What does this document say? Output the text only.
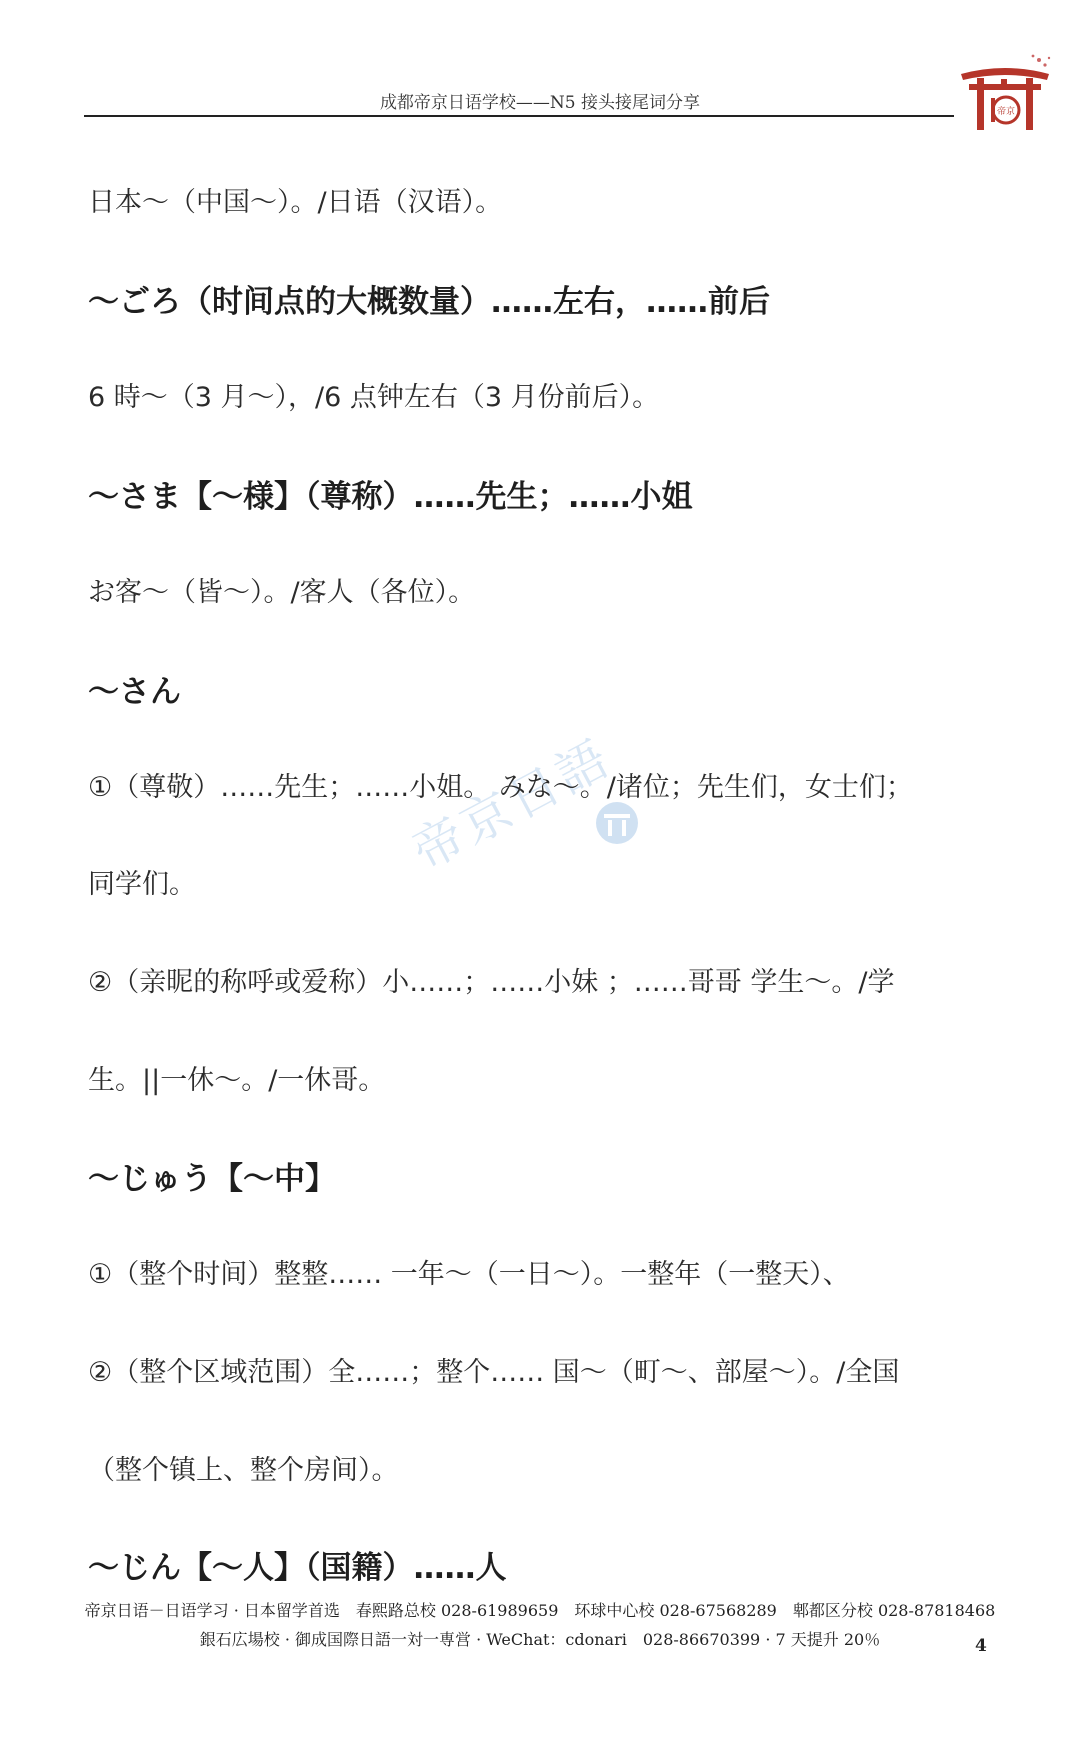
成都帝京日语学校——N5 接头接尾词分享	帝京
帝京日語
日本～（中国～）。/日语（汉语）。
～ごろ（时间点的大概数量）……左右，……前后
6 時～（3 月～），/6 点钟左右（3 月份前后）。
～さま【～様】（尊称）……先生；……小姐
お客～（皆～）。/客人（各位）。
～さん
①（尊敬）……先生；……小姐。 みな～。/诸位；先生们，女士们；
同学们。
②（亲昵的称呼或爱称）小……；……小妹 ；……哥哥 学生～。/学
生。||一休～。/一休哥。
～じゅう【～中】
①（整个时间）整整…… 一年～（一日～）。一整年（一整天）、
②（整个区域范围）全……；整个…… 国～（町～、部屋～）。/全国
（整个镇上、整个房间）。
～じん【～人】（国籍）……人
帝京日语－日语学习 · 日本留学首选　春熙路总校 028-61989659　环球中心校 028-67568289　郫都区分校 028-87818468
銀石広場校 · 御成国際日語一対一専営 · WeChat：cdonari　028-86670399 · 7 天提升 20％	4
